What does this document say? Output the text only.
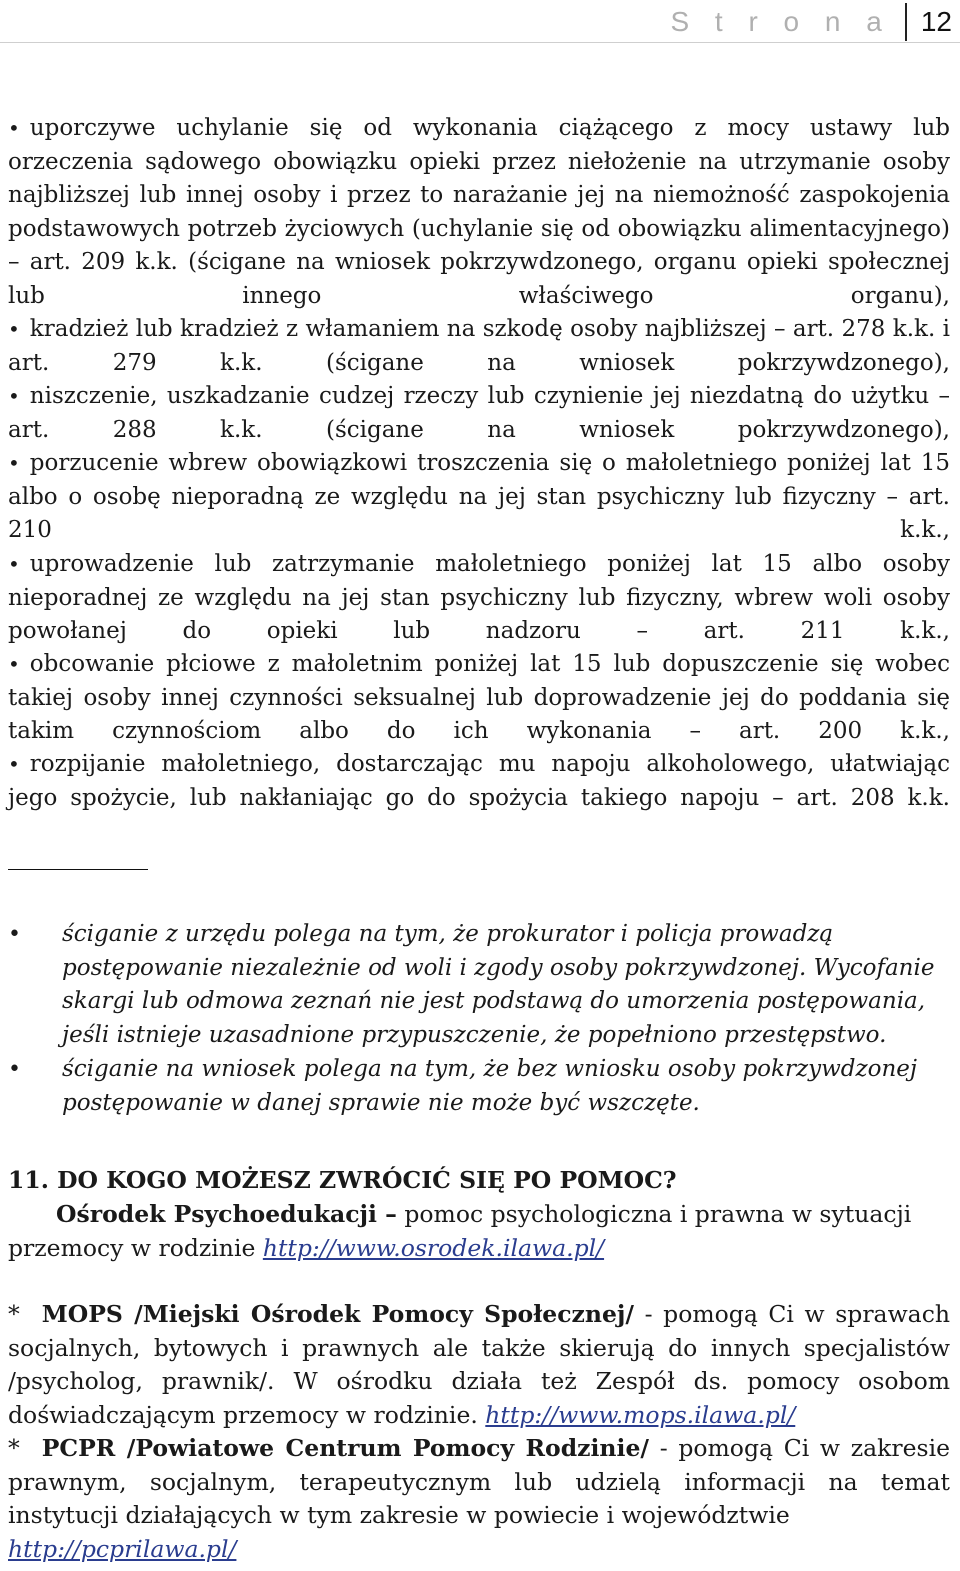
S t r o n a	12

• uporczywe uchylanie się od wykonania ciążącego z mocy ustawy lub orzeczenia sądowego obowiązku opieki przez niełożenie na utrzymanie osoby najbliższej lub innej osoby i przez to narażanie jej na niemożność zaspokojenia podstawowych potrzeb życiowych (uchylanie się od obowiązku alimentacyjnego) – art. 209 k.k. (ścigane na wniosek pokrzywdzonego, organu opieki społecznej lub innego właściwego organu),

• kradzież lub kradzież z włamaniem na szkodę osoby najbliższej – art. 278 k.k. i art. 279 k.k. (ścigane na wniosek pokrzywdzonego),

• niszczenie, uszkadzanie cudzej rzeczy lub czynienie jej niezdatną do użytku – art. 288 k.k. (ścigane na wniosek pokrzywdzonego),

• porzucenie wbrew obowiązkowi troszczenia się o małoletniego poniżej lat 15 albo o osobę nieporadną ze względu na jej stan psychiczny lub fizyczny – art. 210 k.k.,

• uprowadzenie lub zatrzymanie małoletniego poniżej lat 15 albo osoby nieporadnej ze względu na jej stan psychiczny lub fizyczny, wbrew woli osoby powołanej do opieki lub nadzoru – art. 211 k.k.,

• obcowanie płciowe z małoletnim poniżej lat 15 lub dopuszczenie się wobec takiej osoby innej czynności seksualnej lub doprowadzenie jej do poddania się takim czynnościom albo do ich wykonania – art. 200 k.k.,

• rozpijanie małoletniego, dostarczając mu napoju alkoholowego, ułatwiając jego spożycie, lub nakłaniając go do spożycia takiego napoju – art. 208 k.k.

• ściganie z urzędu polega na tym, że prokurator i policja prowadzą postępowanie niezależnie od woli i zgody osoby pokrzywdzonej. Wycofanie skargi lub odmowa zeznań nie jest podstawą do umorzenia postępowania, jeśli istnieje uzasadnione przypuszczenie, że popełniono przestępstwo.
• ściganie na wniosek polega na tym, że bez wniosku osoby pokrzywdzonej postępowanie w danej sprawie nie może być wszczęte.
11. DO KOGO MOŻESZ ZWRÓCIĆ SIĘ PO POMOC?
Ośrodek Psychoedukacji – pomoc psychologiczna i prawna w sytuacji przemocy w rodzinie http://www.osrodek.ilawa.pl/
* MOPS /Miejski Ośrodek Pomocy Społecznej/ - pomogą Ci w sprawach socjalnych, bytowych i prawnych ale także skierują do innych specjalistów /psycholog, prawnik/. W ośrodku działa też Zespół ds. pomocy osobom doświadczającym przemocy w rodzinie. http://www.mops.ilawa.pl/
* PCPR /Powiatowe Centrum Pomocy Rodzinie/ - pomogą Ci w zakresie prawnym, socjalnym, terapeutycznym lub udzielą informacji na temat instytucji działających w tym zakresie w powiecie i województwie
http://pcprilawa.pl/
